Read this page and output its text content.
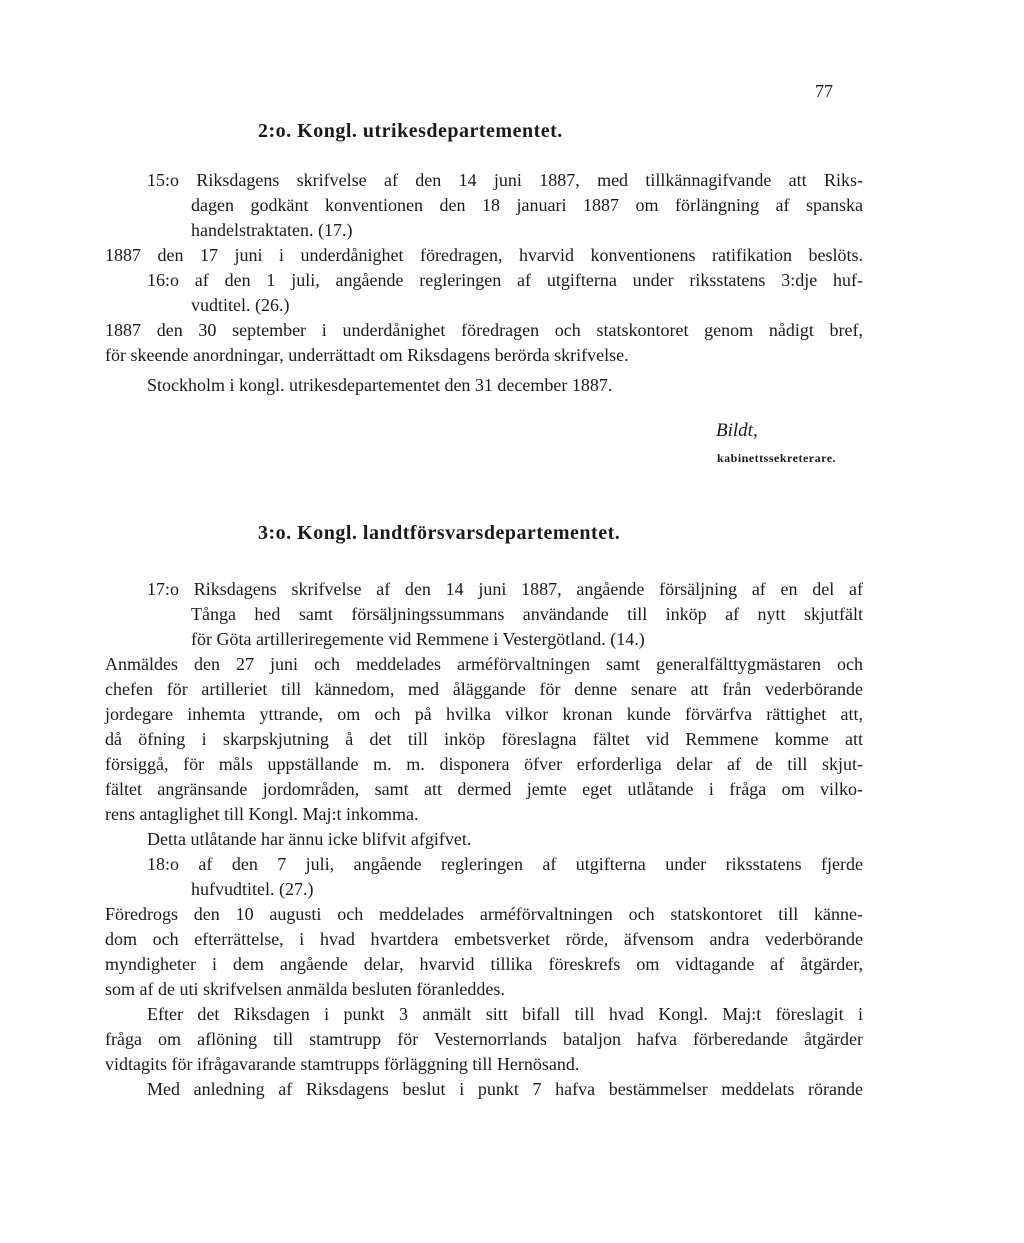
77
2:o. Kongl. utrikesdepartementet.
15:o Riksdagens skrifvelse af den 14 juni 1887, med tillkännagifvande att Riks-
dagen godkänt konventionen den 18 januari 1887 om förlängning af spanska
handelstraktaten. (17.)
1887 den 17 juni i underdånighet föredragen, hvarvid konventionens ratifikation beslöts.
16:o af den 1 juli, angående regleringen af utgifterna under riksstatens 3:dje huf-
vudtitel. (26.)
1887 den 30 september i underdånighet föredragen och statskontoret genom nådigt bref,
för skeende anordningar, underrättadt om Riksdagens berörda skrifvelse.
Stockholm i kongl. utrikesdepartementet den 31 december 1887.
Bildt,
kabinettssekreterare.
3:o. Kongl. landtförsvarsdepartementet.
17:o Riksdagens skrifvelse af den 14 juni 1887, angående försäljning af en del af
Tånga hed samt försäljningssummans användande till inköp af nytt skjutfält
för Göta artilleriregemente vid Remmene i Vestergötland. (14.)
Anmäldes den 27 juni och meddelades arméförvaltningen samt generalfälttygmästaren och
chefen för artilleriet till kännedom, med åläggande för denne senare att från vederbörande
jordegare inhemta yttrande, om och på hvilka vilkor kronan kunde förvärfva rättighet att,
då öfning i skarpskjutning å det till inköp föreslagna fältet vid Remmene komme att
försiggå, för måls uppställande m. m. disponera öfver erforderliga delar af de till skjut-
fältet angränsande jordområden, samt att dermed jemte eget utlåtande i fråga om vilko-
rens antaglighet till Kongl. Maj:t inkomma.
Detta utlåtande har ännu icke blifvit afgifvet.
18:o af den 7 juli, angående regleringen af utgifterna under riksstatens fjerde
hufvudtitel. (27.)
Föredrogs den 10 augusti och meddelades arméförvaltningen och statskontoret till känne-
dom och efterrättelse, i hvad hvartdera embetsverket rörde, äfvensom andra vederbörande
myndigheter i dem angående delar, hvarvid tillika föreskrefs om vidtagande af åtgärder,
som af de uti skrifvelsen anmälda besluten föranleddes.
Efter det Riksdagen i punkt 3 anmält sitt bifall till hvad Kongl. Maj:t föreslagit i
fråga om aflöning till stamtrupp för Vesternorrlands bataljon hafva förberedande åtgärder
vidtagits för ifrågavarande stamtrupps förläggning till Hernösand.
Med anledning af Riksdagens beslut i punkt 7 hafva bestämmelser meddelats rörande
